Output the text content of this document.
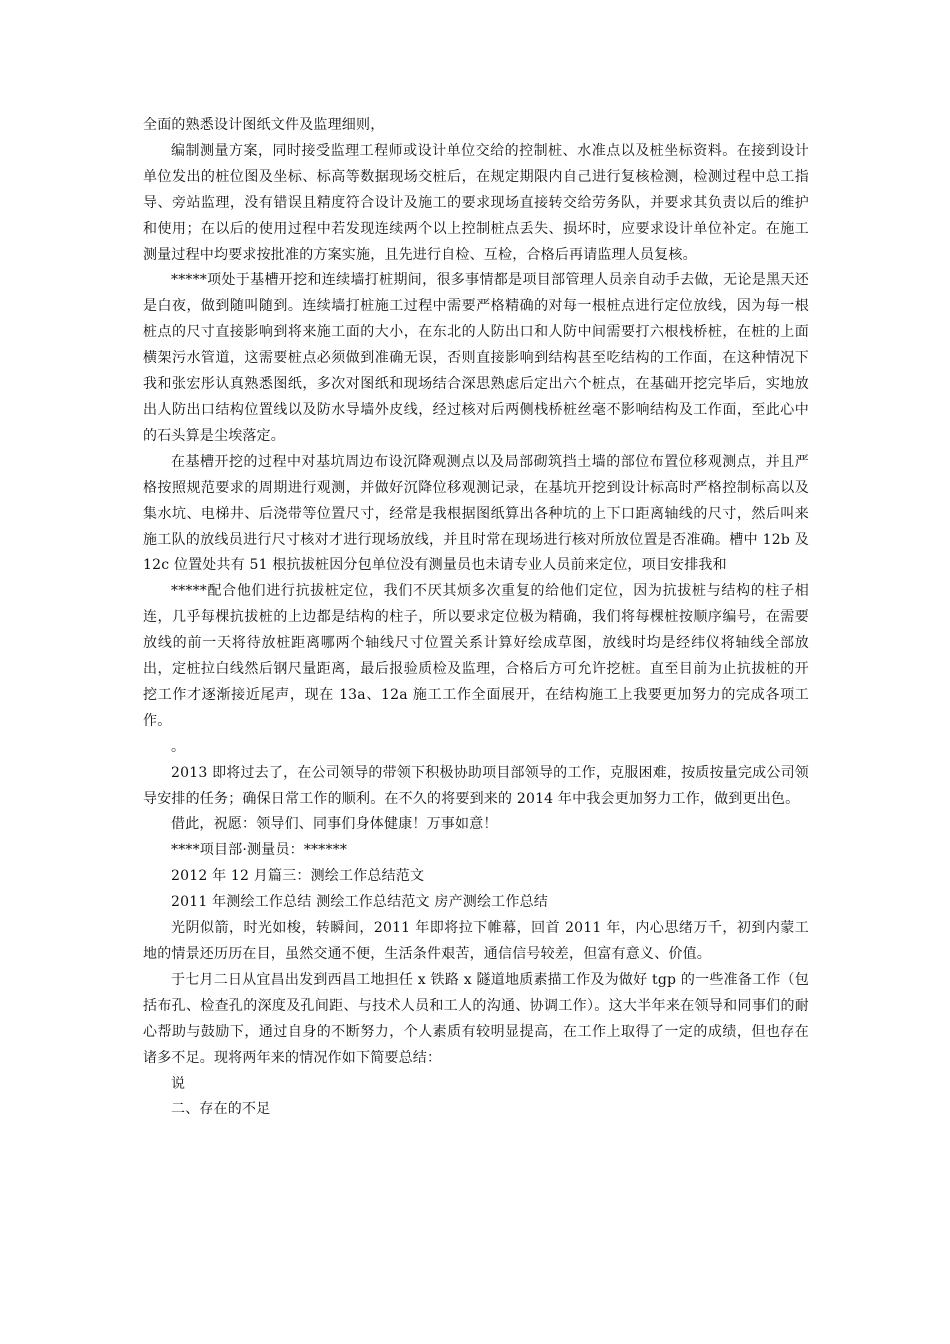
全面的熟悉设计图纸文件及监理细则，

编制测量方案，同时接受监理工程师或设计单位交给的控制桩、水准点以及桩坐标资料。在接到设计单位发出的桩位图及坐标、标高等数据现场交桩后，在规定期限内自己进行复核检测，检测过程中总工指导、旁站监理，没有错误且精度符合设计及施工的要求现场直接转交给劳务队，并要求其负责以后的维护和使用；在以后的使用过程中若发现连续两个以上控制桩点丢失、损坏时，应要求设计单位补定。在施工测量过程中均要求按批准的方案实施，且先进行自检、互检，合格后再请监理人员复核。

*****项处于基槽开挖和连续墙打桩期间，很多事情都是项目部管理人员亲自动手去做，无论是黑天还是白夜，做到随叫随到。连续墙打桩施工过程中需要严格精确的对每一根桩点进行定位放线，因为每一根桩点的尺寸直接影响到将来施工面的大小，在东北的人防出口和人防中间需要打六根栈桥桩，在桩的上面横架污水管道，这需要桩点必须做到准确无误，否则直接影响到结构甚至吃结构的工作面，在这种情况下我和张宏彤认真熟悉图纸，多次对图纸和现场结合深思熟虑后定出六个桩点，在基础开挖完毕后，实地放出人防出口结构位置线以及防水导墙外皮线，经过核对后两侧栈桥桩丝毫不影响结构及工作面，至此心中的石头算是尘埃落定。

在基槽开挖的过程中对基坑周边布设沉降观测点以及局部砌筑挡土墙的部位布置位移观测点，并且严格按照规范要求的周期进行观测，并做好沉降位移观测记录，在基坑开挖到设计标高时严格控制标高以及集水坑、电梯井、后浇带等位置尺寸，经常是我根据图纸算出各种坑的上下口距离轴线的尺寸，然后叫来施工队的放线员进行尺寸核对才进行现场放线，并且时常在现场进行核对所放位置是否准确。槽中 12b 及 12c 位置处共有 51 根抗拔桩因分包单位没有测量员也未请专业人员前来定位，项目安排我和

*****配合他们进行抗拔桩定位，我们不厌其烦多次重复的给他们定位，因为抗拔桩与结构的柱子相连，几乎每棵抗拔桩的上边都是结构的柱子，所以要求定位极为精确，我们将每棵桩按顺序编号，在需要放线的前一天将待放桩距离哪两个轴线尺寸位置关系计算好绘成草图，放线时均是经纬仪将轴线全部放出，定桩拉白线然后钢尺量距离，最后报验质检及监理，合格后方可允许挖桩。直至目前为止抗拔桩的开挖工作才逐渐接近尾声，现在 13a、12a 施工工作全面展开，在结构施工上我要更加努力的完成各项工作。

。

2013 即将过去了，在公司领导的带领下积极协助项目部领导的工作，克服困难，按质按量完成公司领导安排的任务；确保日常工作的顺利。在不久的将要到来的 2014 年中我会更加努力工作，做到更出色。

借此，祝愿：领导们、同事们身体健康！万事如意！

****项目部·测量员：******

2012 年 12 月篇三：测绘工作总结范文

2011 年测绘工作总结 测绘工作总结范文 房产测绘工作总结

光阴似箭，时光如梭，转瞬间，2011 年即将拉下帷幕，回首 2011 年，内心思绪万千，初到内蒙工地的情景还历历在目，虽然交通不便，生活条件艰苦，通信信号较差，但富有意义、价值。

于七月二日从宜昌出发到西昌工地担任 x 铁路 x 隧道地质素描工作及为做好 tgp 的一些准备工作（包括布孔、检查孔的深度及孔间距、与技术人员和工人的沟通、协调工作）。这大半年来在领导和同事们的耐心帮助与鼓励下，通过自身的不断努力，个人素质有较明显提高，在工作上取得了一定的成绩，但也存在诸多不足。现将两年来的情况作如下简要总结：

说

二、存在的不足
